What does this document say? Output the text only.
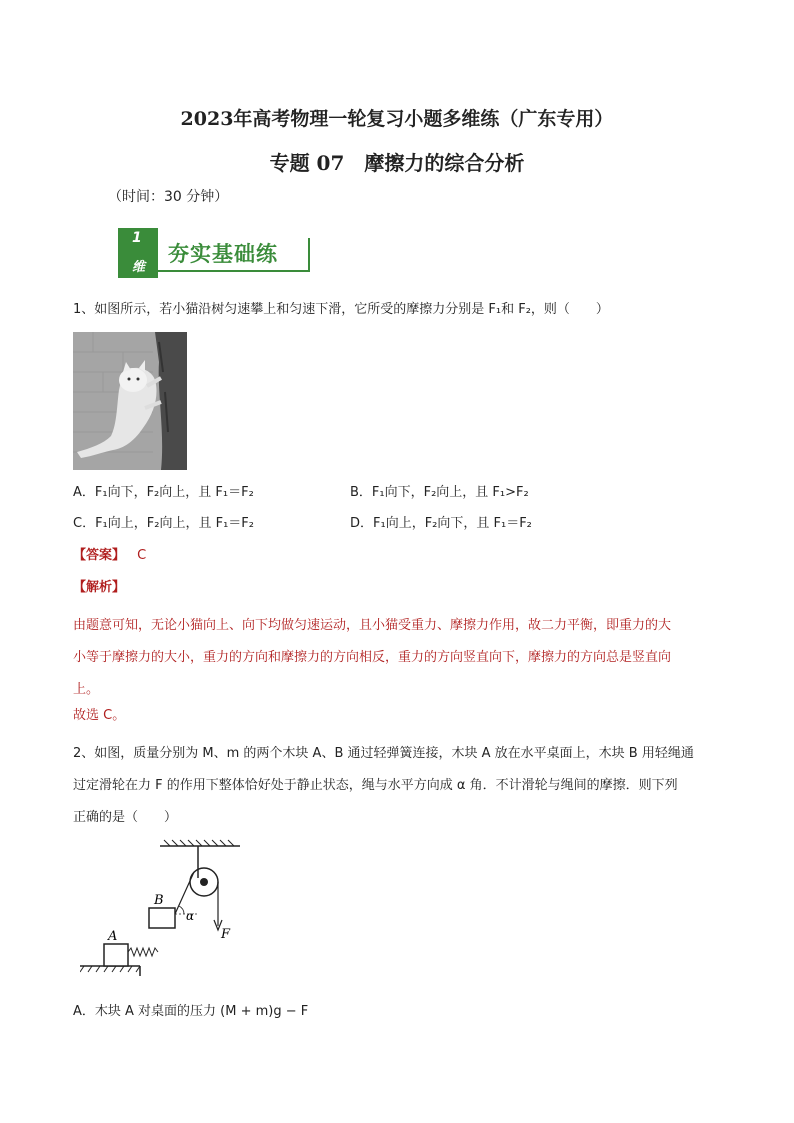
2023年高考物理一轮复习小题多维练（广东专用）
专题 07　摩擦力的综合分析
（时间：30 分钟）
1
维
夯实基础练
1、如图所示，若小猫沿树匀速攀上和匀速下滑，它所受的摩擦力分别是 F₁和 F₂，则（　　）
A．F₁向下，F₂向上，且 F₁＝F₂	B．F₁向下，F₂向上，且 F₁>F₂
C．F₁向上，F₂向上，且 F₁＝F₂	D．F₁向上，F₂向下，且 F₁＝F₂
【答案】 C
【解析】
由题意可知，无论小猫向上、向下均做匀速运动，且小猫受重力、摩擦力作用，故二力平衡，即重力的大
小等于摩擦力的大小，重力的方向和摩擦力的方向相反，重力的方向竖直向下，摩擦力的方向总是竖直向
上。
故选 C。
2、如图，质量分别为 M、m 的两个木块 A、B 通过轻弹簧连接，木块 A 放在水平桌面上，木块 B 用轻绳通
过定滑轮在力 F 的作用下整体恰好处于静止状态，绳与水平方向成 α 角．不计滑轮与绳间的摩擦．则下列
正确的是（　　）
A
B
F
α
A．木块 A 对桌面的压力 (M + m)g − F
